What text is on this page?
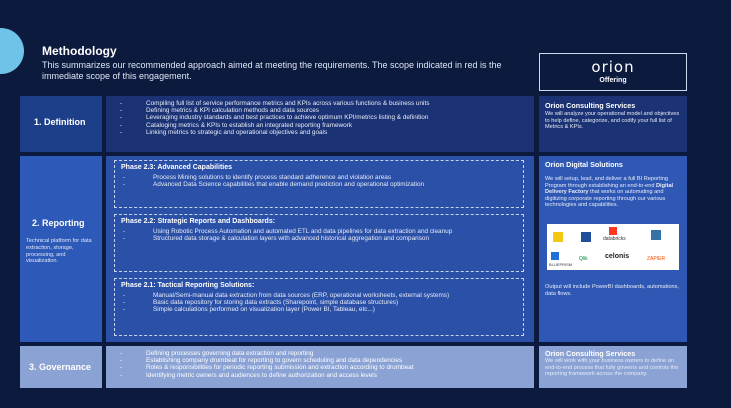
Methodology
This summarizes our recommended approach aimed at meeting the requirements. The scope indicated in red is the immediate scope of this engagement.	orion
Offering
1. Definition
- Compiling full list of service performance metrics and KPIs across various functions & business units
- Defining metrics & KPI calculation methods and data sources
- Leveraging industry standards and best practices to achieve optimum KPI/metrics listing & definition
- Cataloging metrics & KPIs to establish an integrated reporting framework
- Linking metrics to strategic and operational objectives and goals
Orion Consulting Services
We will analyze your operational model and objectives to help define, categorize, and codify your full list of Metrics & KPIs.
2. Reporting
Technical platform for data extraction, storage, processing, and visualization.
Phase 2.3: Advanced Capabilities
- Process Mining solutions to identify process standard adherence and violation areas
- Advanced Data Science capabilities that enable demand prediction and operational optimization
Phase 2.2: Strategic Reports and Dashboards:
- Using Robotic Process Automation and automated ETL and data pipelines for data extraction and cleanup
- Structured data storage & calculation layers with advanced historical aggregation and comparison
Phase 2.1: Tactical Reporting Solutions:
- Manual/Semi-manual data extraction from data sources (ERP, operational worksheets, external systems)
- Basic data repository for storing data extracts (Sharepoint, simple database structures)
- Simple calculations performed on visualization layer (Power BI, Tableau, etc...)
Orion Digital Solutions
We will setup, lead, and deliver a full BI Reporting Program through establishing an end-to-end Digital Delivery Factory that works on automating and digitizing corporate reporting through our various technologies and capabilities.
databricks
BLUEPRISM
Qlik celonis	ZAPIER
Output will include PowerBI dashboards, automations, data flows.
3. Governance
- Defining processes governing data extraction and reporting
- Establishing company drumbeat for reporting to govern scheduling and data dependencies
- Roles & responsibilities for periodic reporting submission and extraction according to drumbeat
- Identifying metric owners and audiences to define authorization and access levels
Orion Consulting Services
We will work with your business owners to define an end-to-end process that fully governs and controls the reporting framework across the company.
